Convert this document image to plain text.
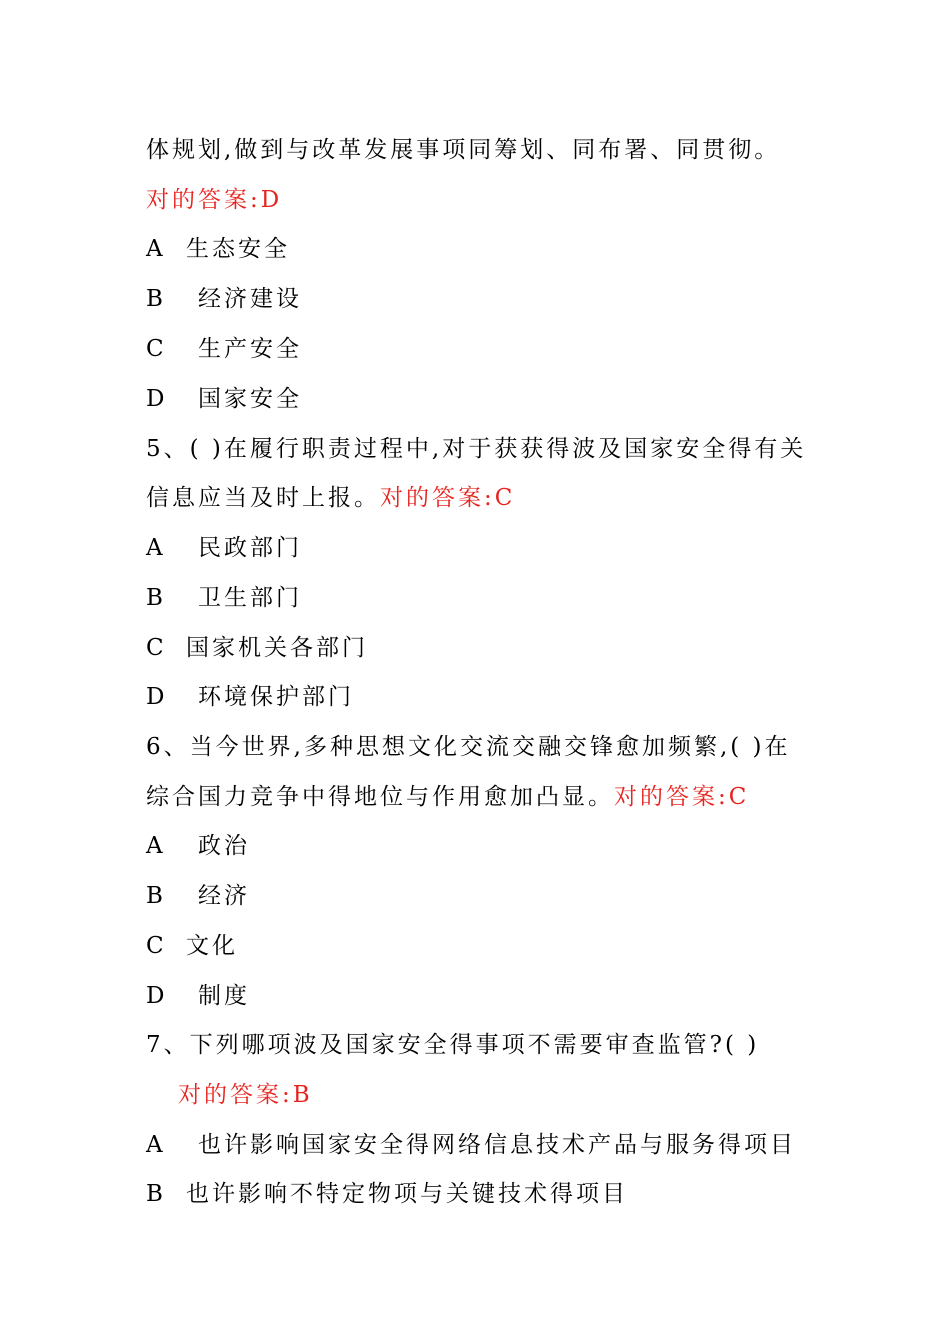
体规划,做到与改革发展事项同筹划、同布署、同贯彻。
对的答案:D
A 生态安全
B 经济建设
C 生产安全
D 国家安全
5、( )在履行职责过程中,对于获获得波及国家安全得有关
信息应当及时上报。对的答案:C
A 民政部门
B 卫生部门
C 国家机关各部门
D 环境保护部门
6、当今世界,多种思想文化交流交融交锋愈加频繁,( )在
综合国力竞争中得地位与作用愈加凸显。对的答案:C
A 政治
B 经济
C 文化
D 制度
7、下列哪项波及国家安全得事项不需要审查监管?( )
对的答案:B
A 也许影响国家安全得网络信息技术产品与服务得项目
B 也许影响不特定物项与关键技术得项目
